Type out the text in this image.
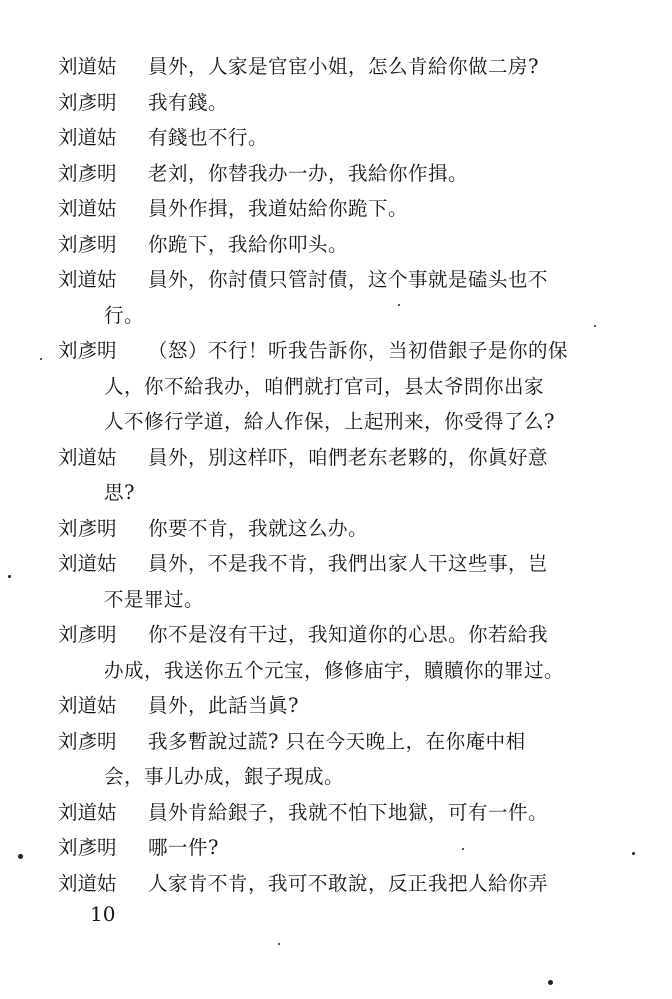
刘道姑	員外，人家是官宦小姐，怎么肯給你做二房?
刘彥明	我有錢。
刘道姑	有錢也不行。
刘彥明	老刘，你替我办一办，我給你作揖。
刘道姑	員外作揖，我道姑給你跪下。
刘彥明	你跪下，我給你叩头。
刘道姑	員外，你討債只管討債，这个事就是磕头也不
行。
刘彥明	（怒）不行！听我告訴你，当初借銀子是你的保
人，你不給我办，咱們就打官司，县太爷問你出家
人不修行学道，給人作保，上起刑来，你受得了么?
刘道姑	員外，別这样吓，咱們老东老夥的，你眞好意
思?
刘彥明	你要不肯，我就这么办。
刘道姑	員外，不是我不肯，我們出家人干这些事，岂
不是罪过。
刘彥明	你不是沒有干过，我知道你的心思。你若給我
办成，我送你五个元宝，修修庙宇，贖贖你的罪过。
刘道姑	員外，此話当眞?
刘彥明	我多暫說过謊? 只在今天晚上，在你庵中相
会，事儿办成，銀子現成。
刘道姑	員外肯給銀子，我就不怕下地獄，可有一件。
刘彥明	哪一件?
刘道姑	人家肯不肯，我可不敢說，反正我把人給你弄
10
